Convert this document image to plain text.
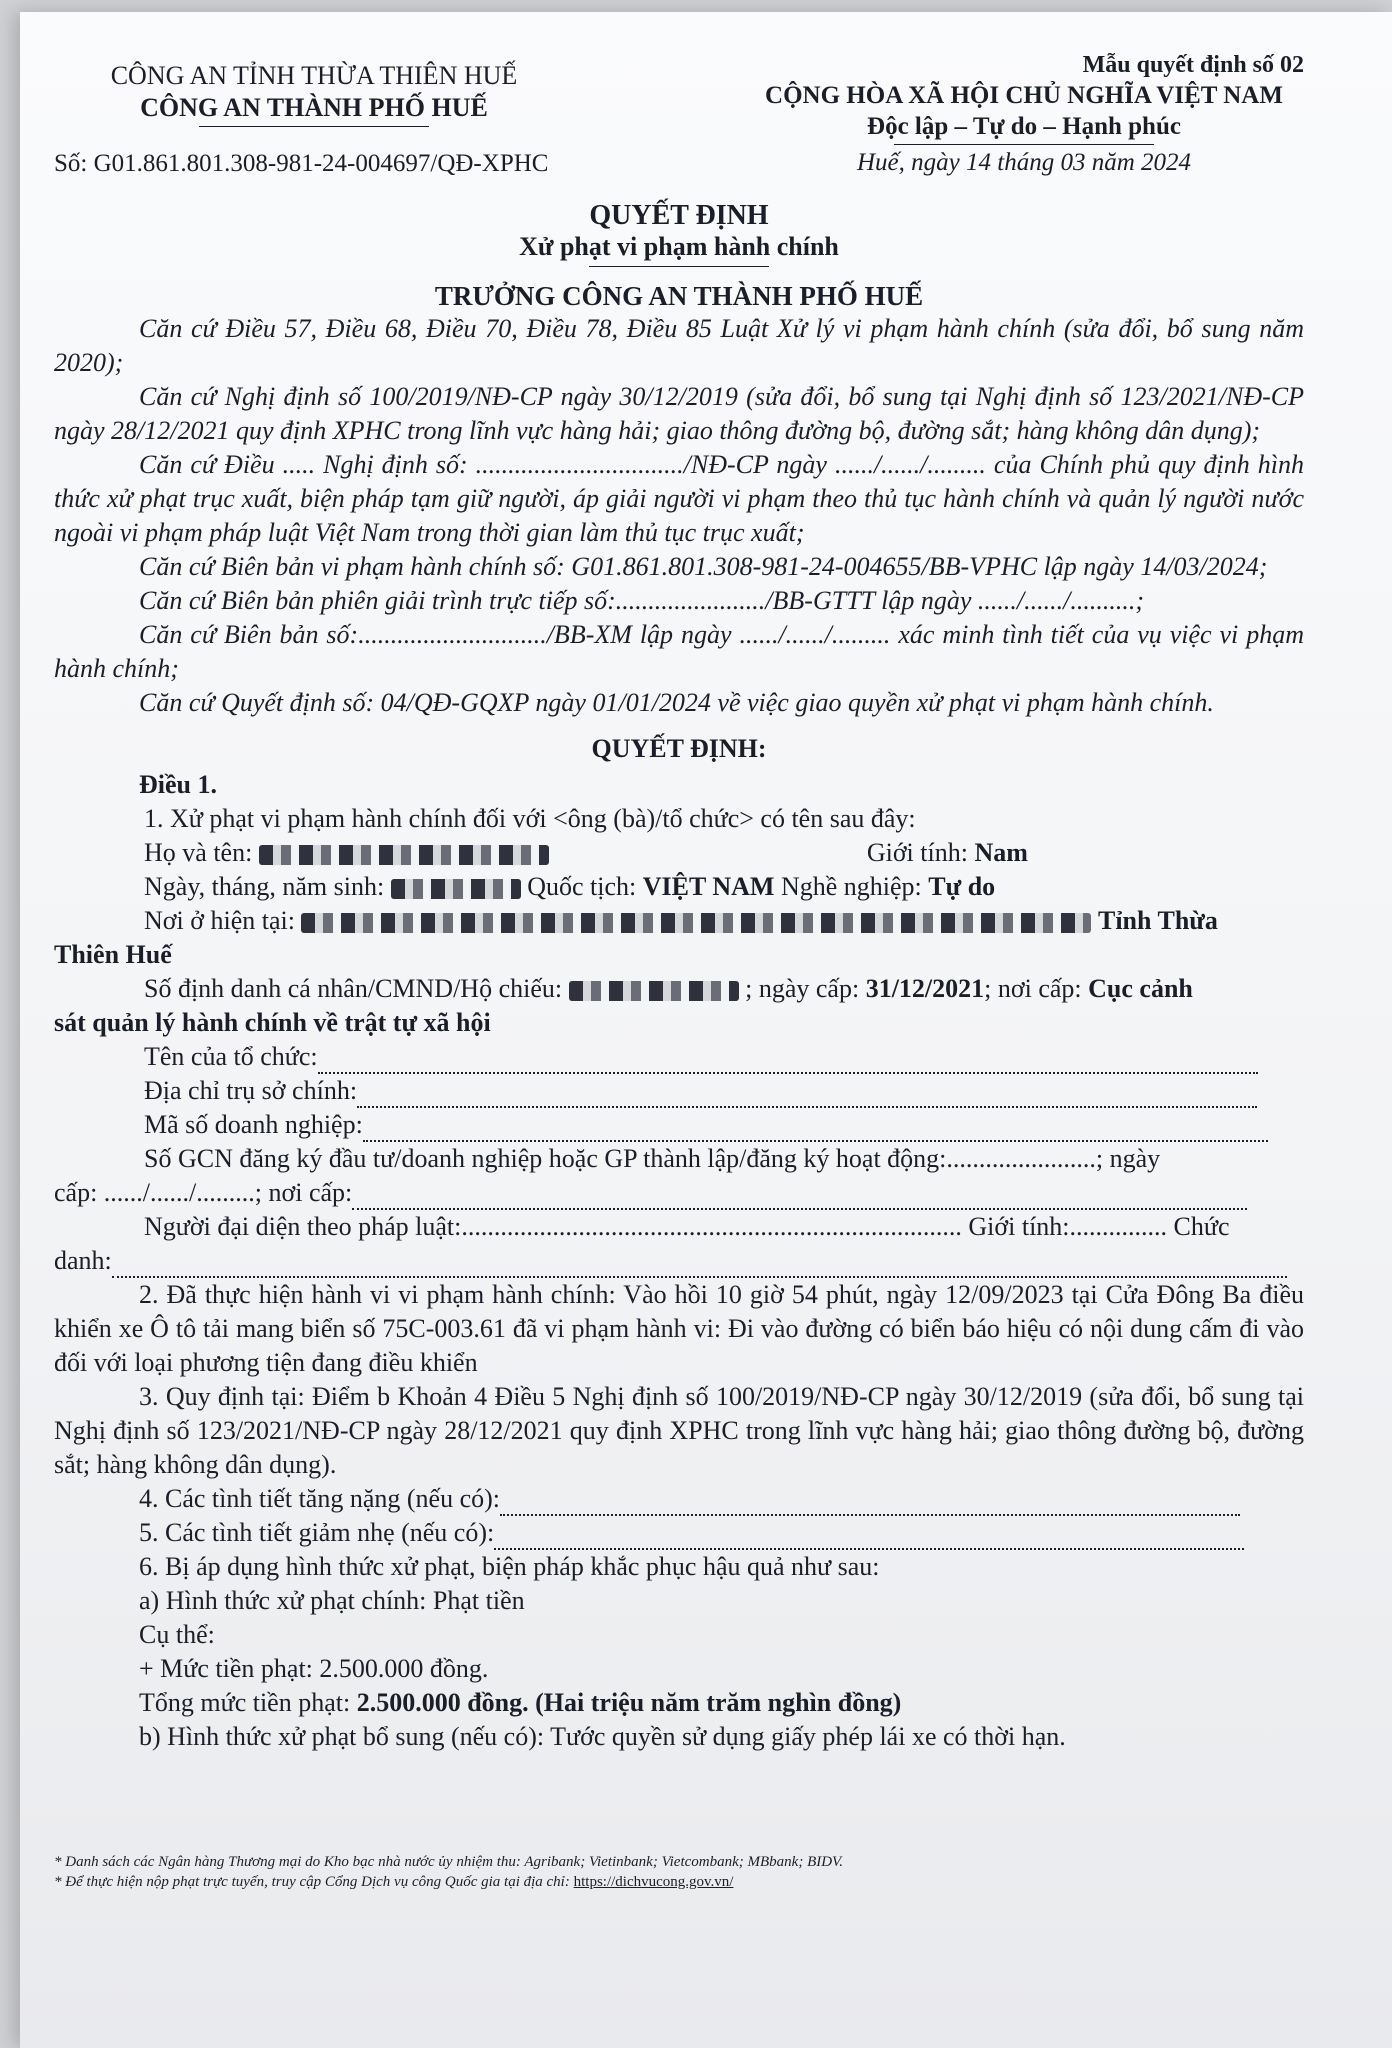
CÔNG AN TỈNH THỪA THIÊN HUẾ
CÔNG AN THÀNH PHỐ HUẾ
Số: G01.861.801.308-981-24-004697/QĐ-XPHC
Mẫu quyết định số 02
CỘNG HÒA XÃ HỘI CHỦ NGHĨA VIỆT NAM
Độc lập – Tự do – Hạnh phúc
Huế, ngày 14 tháng 03 năm 2024
QUYẾT ĐỊNH
Xử phạt vi phạm hành chính
TRƯỞNG CÔNG AN THÀNH PHỐ HUẾ

Căn cứ Điều 57, Điều 68, Điều 70, Điều 78, Điều 85 Luật Xử lý vi phạm hành chính (sửa đổi, bổ sung năm 2020);

Căn cứ Nghị định số 100/2019/NĐ-CP ngày 30/12/2019 (sửa đổi, bổ sung tại Nghị định số 123/2021/NĐ-CP ngày 28/12/2021 quy định XPHC trong lĩnh vực hàng hải; giao thông đường bộ, đường sắt; hàng không dân dụng);

Căn cứ Điều ..... Nghị định số: ................................/NĐ-CP ngày ....../....../......... của Chính phủ quy định hình thức xử phạt trục xuất, biện pháp tạm giữ người, áp giải người vi phạm theo thủ tục hành chính và quản lý người nước ngoài vi phạm pháp luật Việt Nam trong thời gian làm thủ tục trục xuất;

Căn cứ Biên bản vi phạm hành chính số: G01.861.801.308-981-24-004655/BB-VPHC lập ngày 14/03/2024;

Căn cứ Biên bản phiên giải trình trực tiếp số:......................./BB-GTTT lập ngày ....../....../..........;

Căn cứ Biên bản số:............................./BB-XM lập ngày ....../....../......... xác minh tình tiết của vụ việc vi phạm hành chính;

Căn cứ Quyết định số: 04/QĐ-GQXP ngày 01/01/2024 về việc giao quyền xử phạt vi phạm hành chính.

QUYẾT ĐỊNH:

Điều 1.

1. Xử phạt vi phạm hành chính đối với <ông (bà)/tổ chức> có tên sau đây:

Họ và tên:	Giới tính: Nam

Ngày, tháng, năm sinh:	Quốc tịch: VIỆT NAM Nghề nghiệp: Tự do

Nơi ở hiện tại:	Tỉnh Thừa

Thiên Huế

Số định danh cá nhân/CMND/Hộ chiếu:	; ngày cấp: 31/12/2021; nơi cấp: Cục cảnh

sát quản lý hành chính về trật tự xã hội

Tên của tổ chức:

Địa chỉ trụ sở chính:

Mã số doanh nghiệp:

Số GCN đăng ký đầu tư/doanh nghiệp hoặc GP thành lập/đăng ký hoạt động:.......................; ngày

cấp: ....../....../.........; nơi cấp:

Người đại diện theo pháp luật:............................................................................. Giới tính:............... Chức

danh:

2. Đã thực hiện hành vi vi phạm hành chính: Vào hồi 10 giờ 54 phút, ngày 12/09/2023 tại Cửa Đông Ba điều khiển xe Ô tô tải mang biển số 75C-003.61 đã vi phạm hành vi: Đi vào đường có biển báo hiệu có nội dung cấm đi vào đối với loại phương tiện đang điều khiển

3. Quy định tại: Điểm b Khoản 4 Điều 5 Nghị định số 100/2019/NĐ-CP ngày 30/12/2019 (sửa đổi, bổ sung tại Nghị định số 123/2021/NĐ-CP ngày 28/12/2021 quy định XPHC trong lĩnh vực hàng hải; giao thông đường bộ, đường sắt; hàng không dân dụng).

4. Các tình tiết tăng nặng (nếu có):

5. Các tình tiết giảm nhẹ (nếu có):

6. Bị áp dụng hình thức xử phạt, biện pháp khắc phục hậu quả như sau:

a) Hình thức xử phạt chính: Phạt tiền

Cụ thể:

+ Mức tiền phạt: 2.500.000 đồng.

Tổng mức tiền phạt: 2.500.000 đồng. (Hai triệu năm trăm nghìn đồng)

b) Hình thức xử phạt bổ sung (nếu có): Tước quyền sử dụng giấy phép lái xe có thời hạn.

* Danh sách các Ngân hàng Thương mại do Kho bạc nhà nước ủy nhiệm thu: Agribank; Vietinbank; Vietcombank; MBbank; BIDV.
* Để thực hiện nộp phạt trực tuyến, truy cập Cổng Dịch vụ công Quốc gia tại địa chỉ: https://dichvucong.gov.vn/
